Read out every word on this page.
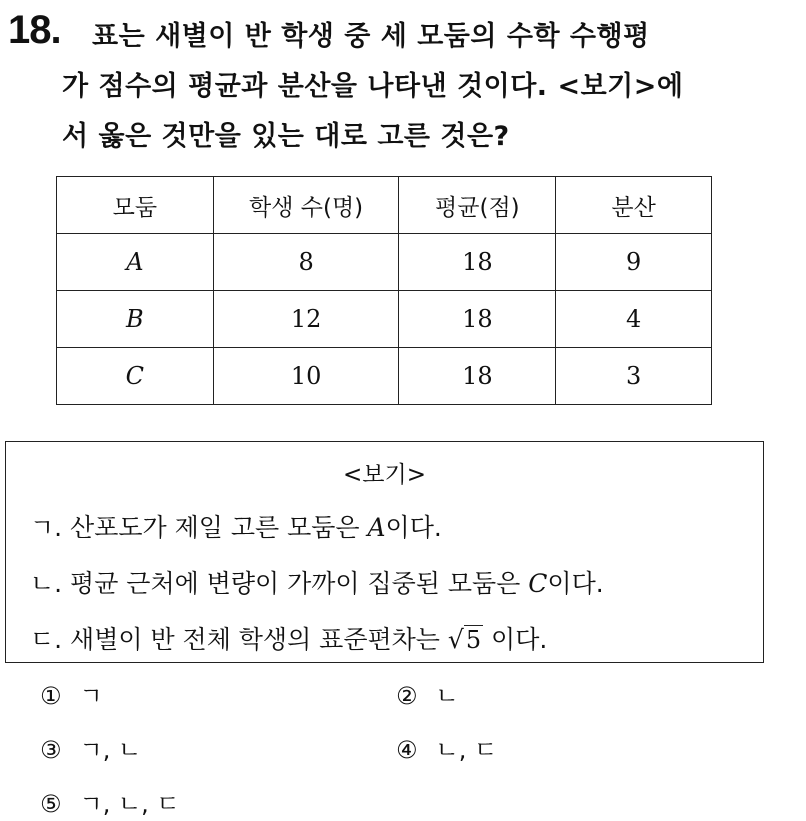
18. 표는 새별이 반 학생 중 세 모둠의 수학 수행평
가 점수의 평균과 분산을 나타낸 것이다. <보기>에
서 옳은 것만을 있는 대로 고른 것은?
모둠	학생 수(명)	평균(점)	분산
A	8	18	9
B	12	18	4
C	10	18	3
<보기>
ㄱ. 산포도가 제일 고른 모둠은 A이다.
ㄴ. 평균 근처에 변량이 가까이 집중된 모둠은 C이다.
ㄷ. 새별이 반 전체 학생의 표준편차는 √5 이다.
① ㄱ	② ㄴ
③ ㄱ, ㄴ	④ ㄴ, ㄷ
⑤ ㄱ, ㄴ, ㄷ
